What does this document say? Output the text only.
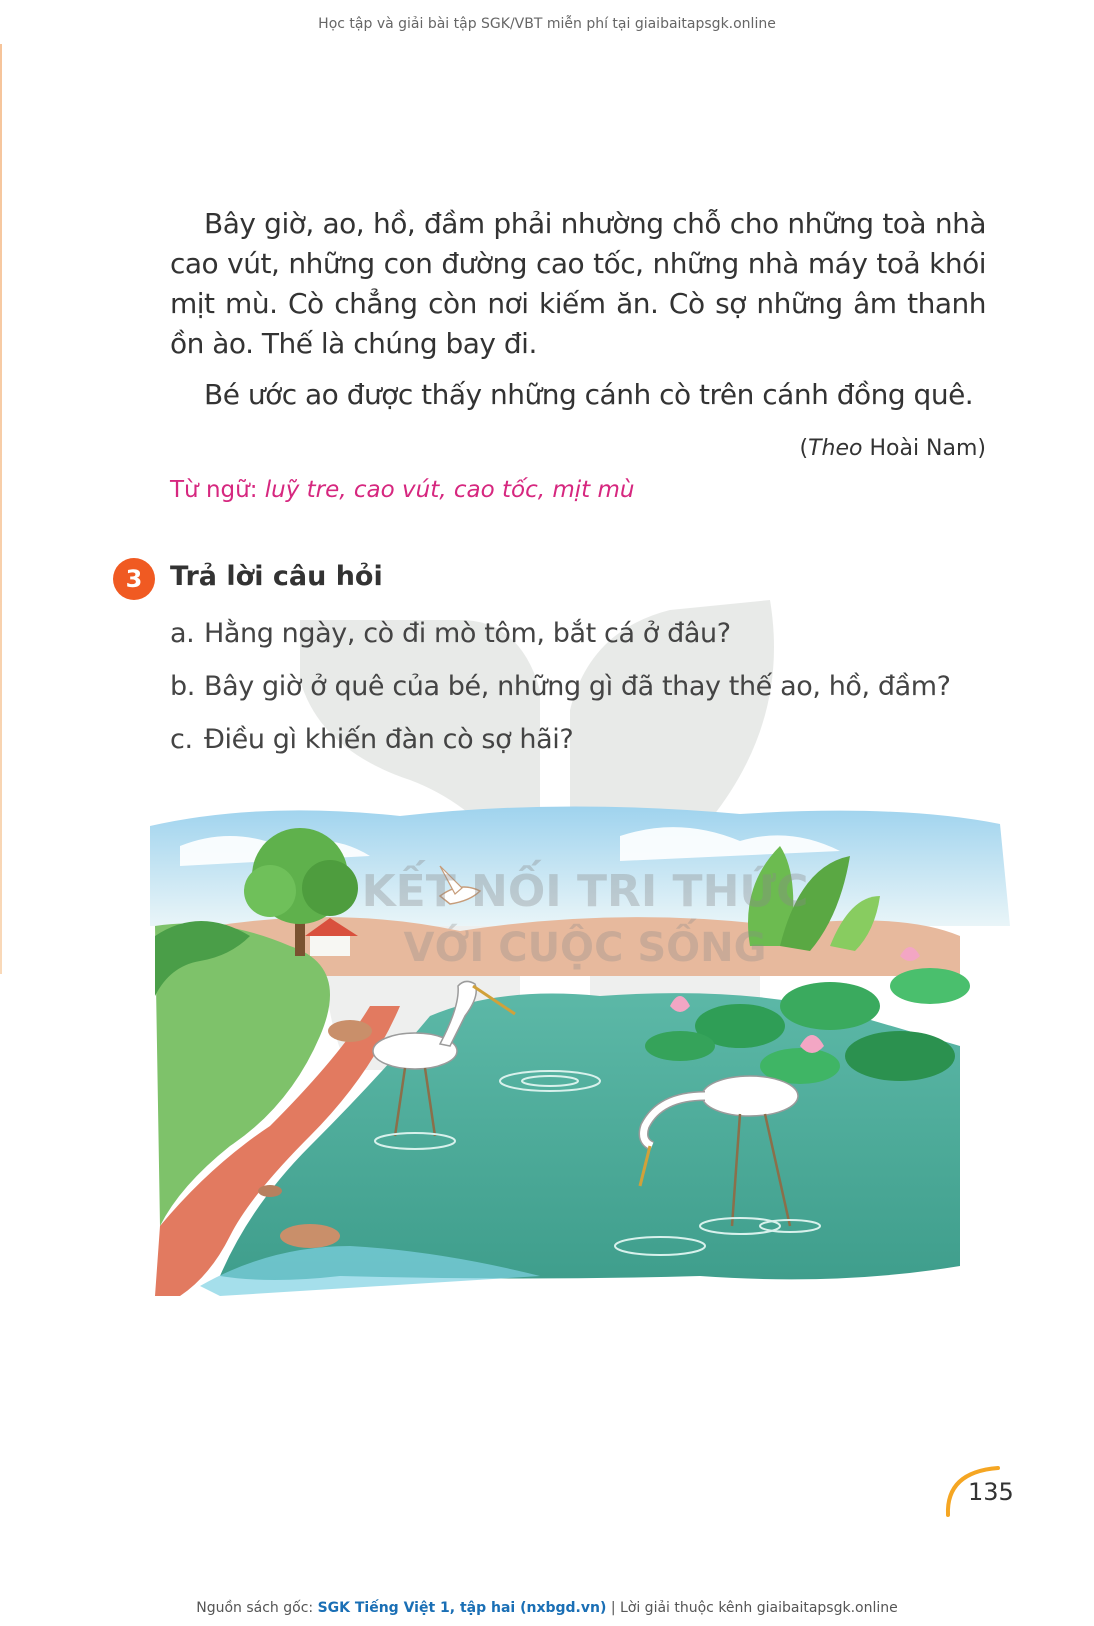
Học tập và giải bài tập SGK/VBT miễn phí tại giaibaitapsgk.online

Bây giờ, ao, hồ, đầm phải nhường chỗ cho những toà nhà cao vút, những con đường cao tốc, những nhà máy toả khói mịt mù. Cò chẳng còn nơi kiếm ăn. Cò sợ những âm thanh ồn ào. Thế là chúng bay đi.

Bé ước ao được thấy những cánh cò trên cánh đồng quê.

(Theo Hoài Nam)
Từ ngữ: luỹ tre, cao vút, cao tốc, mịt mù
3	Trả lời câu hỏi
a. Hằng ngày, cò đi mò tôm, bắt cá ở đâu?
b. Bây giờ ở quê của bé, những gì đã thay thế ao, hồ, đầm?
c. Điều gì khiến đàn cò sợ hãi?
KẾT NỐI TRI THỨC
VỚI CUỘC SỐNG
135
Nguồn sách gốc: SGK Tiếng Việt 1, tập hai (nxbgd.vn) | Lời giải thuộc kênh giaibaitapsgk.online
